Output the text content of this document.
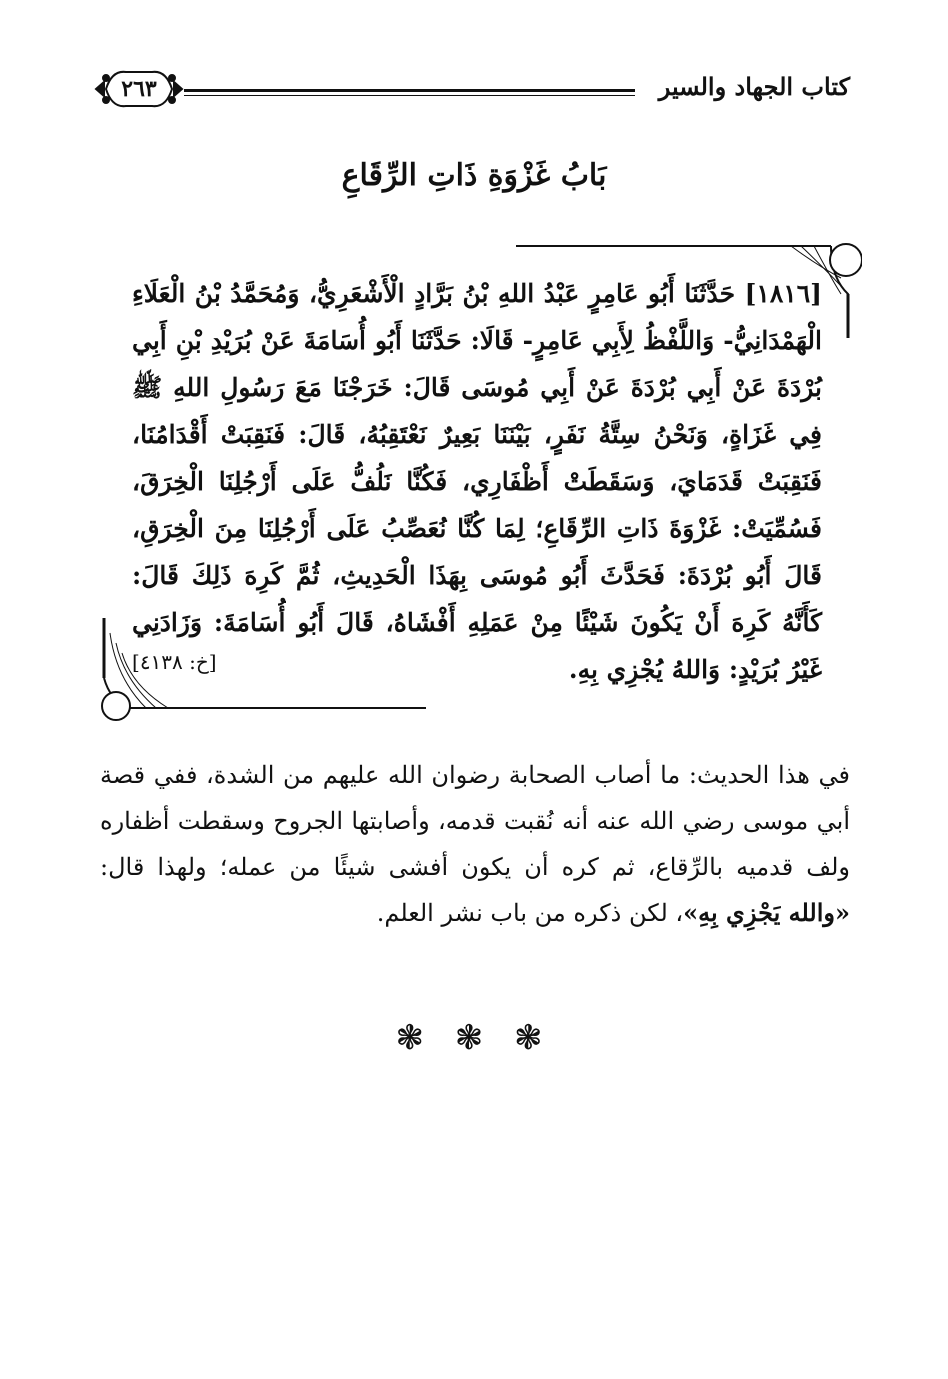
كتاب الجهاد والسير
٢٦٣
بَابُ غَزْوَةِ ذَاتِ الرِّقَاعِ
[١٨١٦] حَدَّثَنَا أَبُو عَامِرٍ عَبْدُ اللهِ بْنُ بَرَّادٍ الْأَشْعَرِيُّ، وَمُحَمَّدُ بْنُ الْعَلَاءِ الْهَمْدَانِيُّ- وَاللَّفْظُ لِأَبِي عَامِرٍ- قَالَا: حَدَّثَنَا أَبُو أُسَامَةَ عَنْ بُرَيْدِ بْنِ أَبِي بُرْدَةَ عَنْ أَبِي بُرْدَةَ عَنْ أَبِي مُوسَى قَالَ: خَرَجْنَا مَعَ رَسُولِ اللهِ ﷺ فِي غَزَاةٍ، وَنَحْنُ سِتَّةُ نَفَرٍ، بَيْنَنَا بَعِيرٌ نَعْتَقِبُهُ، قَالَ: فَنَقِبَتْ أَقْدَامُنَا، فَنَقِبَتْ قَدَمَايَ، وَسَقَطَتْ أَظْفَارِي، فَكُنَّا نَلُفُّ عَلَى أَرْجُلِنَا الْخِرَقَ، فَسُمِّيَتْ: غَزْوَةَ ذَاتِ الرِّقَاعِ؛ لِمَا كُنَّا نُعَصِّبُ عَلَى أَرْجُلِنَا مِنَ الْخِرَقِ، قَالَ أَبُو بُرْدَةَ: فَحَدَّثَ أَبُو مُوسَى بِهَذَا الْحَدِيثِ، ثُمَّ كَرِهَ ذَلِكَ قَالَ: كَأَنَّهُ كَرِهَ أَنْ يَكُونَ شَيْئًا مِنْ عَمَلِهِ أَفْشَاهُ، قَالَ أَبُو أُسَامَةَ: وَزَادَنِي غَيْرُ بُرَيْدٍ: وَاللهُ يُجْزِي بِهِ.
[خ: ٤١٣٨]
في هذا الحديث: ما أصاب الصحابة رضوان الله عليهم من الشدة، ففي قصة أبي موسى رضي الله عنه أنه نُقبت قدمه، وأصابتها الجروح وسقطت أظفاره ولف قدميه بالرِّقاع، ثم كره أن يكون أفشى شيئًا من عمله؛ ولهذا قال: «والله يَجْزِي بِهِ»، لكن ذكره من باب نشر العلم.
❃ ❃ ❃
